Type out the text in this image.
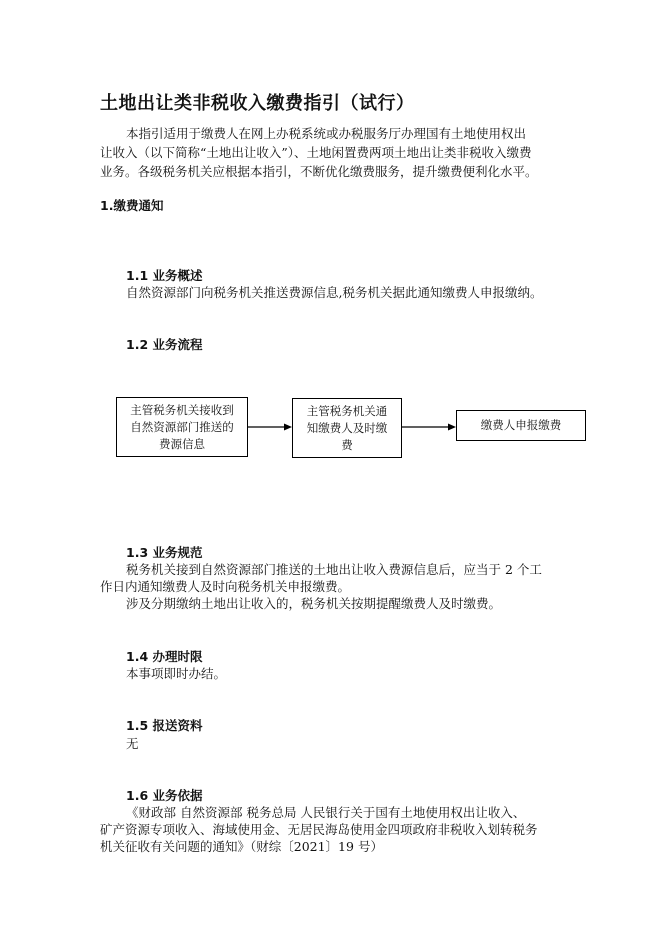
土地出让类非税收入缴费指引（试行）
本指引适用于缴费人在网上办税系统或办税服务厅办理国有土地使用权出
让收入（以下简称“土地出让收入”）、土地闲置费两项土地出让类非税收入缴费
业务。各级税务机关应根据本指引，不断优化缴费服务，提升缴费便利化水平。
1.缴费通知
1.1 业务概述
自然资源部门向税务机关推送费源信息,税务机关据此通知缴费人申报缴纳。
1.2 业务流程
主管税务机关接收到
自然资源部门推送的
费源信息
主管税务机关通
知缴费人及时缴
费
缴费人申报缴费
1.3 业务规范
税务机关接到自然资源部门推送的土地出让收入费源信息后，应当于 2 个工
作日内通知缴费人及时向税务机关申报缴费。
涉及分期缴纳土地出让收入的，税务机关按期提醒缴费人及时缴费。
1.4 办理时限
本事项即时办结。
1.5 报送资料
无
1.6 业务依据
《财政部 自然资源部 税务总局 人民银行关于国有土地使用权出让收入、
矿产资源专项收入、海域使用金、无居民海岛使用金四项政府非税收入划转税务
机关征收有关问题的通知》（财综〔2021〕19 号）
